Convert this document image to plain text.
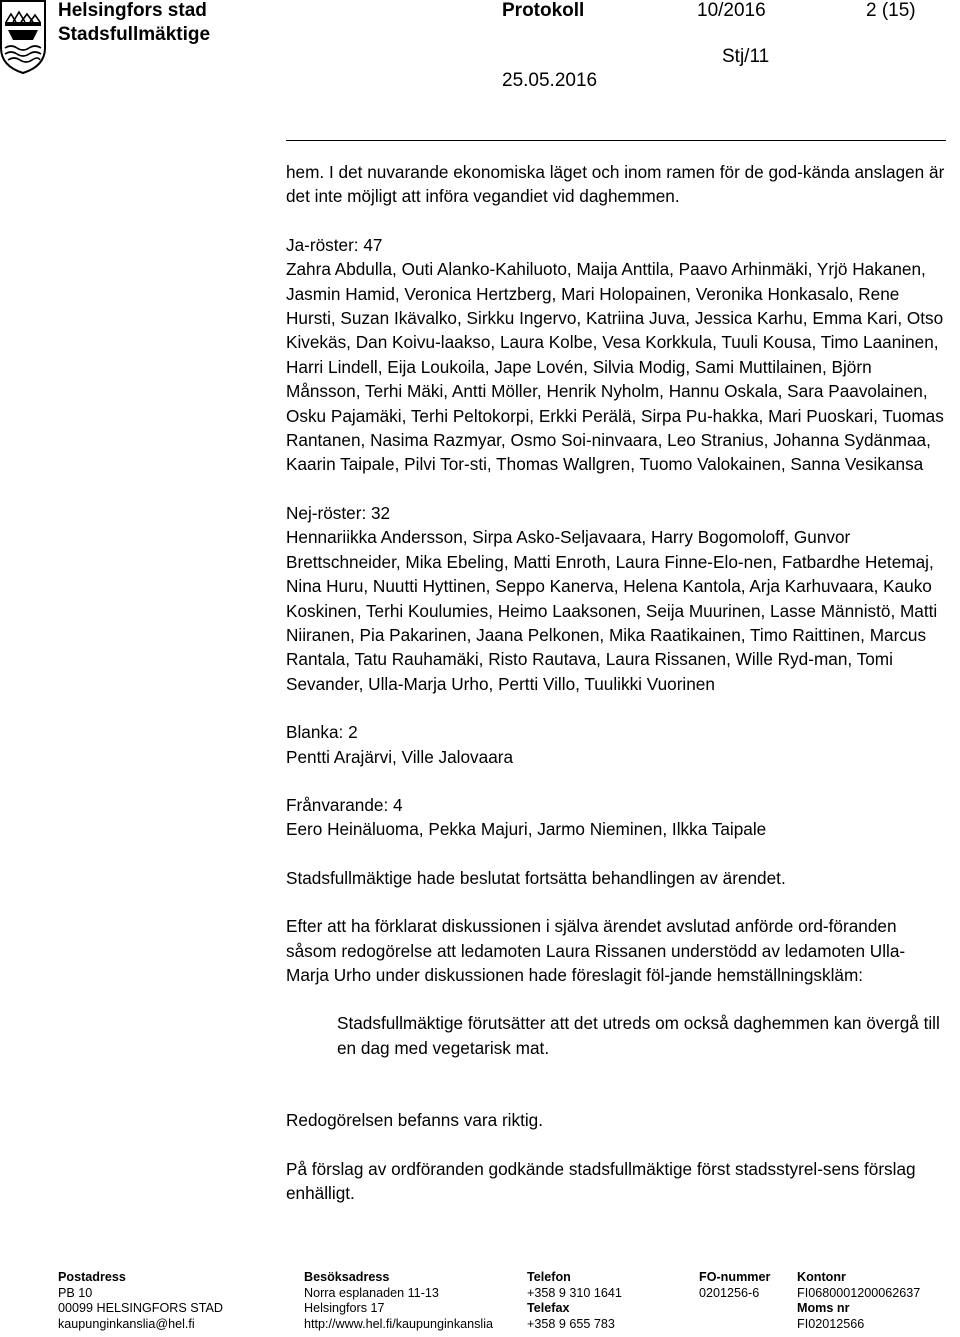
Helsingfors stad
Stadsfullmäktige
Protokoll	10/2016	2 (15)
Stj/11
25.05.2016

hem. I det nuvarande ekonomiska läget och inom ramen för de god-kända anslagen är det inte möjligt att införa vegandiet vid daghemmen.

Ja-röster: 47

Zahra Abdulla, Outi Alanko-Kahiluoto, Maija Anttila, Paavo Arhinmäki, Yrjö Hakanen, Jasmin Hamid, Veronica Hertzberg, Mari Holopainen, Veronika Honkasalo, Rene Hursti, Suzan Ikävalko, Sirkku Ingervo, Katriina Juva, Jessica Karhu, Emma Kari, Otso Kivekäs, Dan Koivu-laakso, Laura Kolbe, Vesa Korkkula, Tuuli Kousa, Timo Laaninen, Harri Lindell, Eija Loukoila, Jape Lovén, Silvia Modig, Sami Muttilainen, Björn Månsson, Terhi Mäki, Antti Möller, Henrik Nyholm, Hannu Oskala, Sara Paavolainen, Osku Pajamäki, Terhi Peltokorpi, Erkki Perälä, Sirpa Pu-hakka, Mari Puoskari, Tuomas Rantanen, Nasima Razmyar, Osmo Soi-ninvaara, Leo Stranius, Johanna Sydänmaa, Kaarin Taipale, Pilvi Tor-sti, Thomas Wallgren, Tuomo Valokainen, Sanna Vesikansa

Nej-röster: 32

Hennariikka Andersson, Sirpa Asko-Seljavaara, Harry Bogomoloff, Gunvor Brettschneider, Mika Ebeling, Matti Enroth, Laura Finne-Elo-nen, Fatbardhe Hetemaj, Nina Huru, Nuutti Hyttinen, Seppo Kanerva, Helena Kantola, Arja Karhuvaara, Kauko Koskinen, Terhi Koulumies, Heimo Laaksonen, Seija Muurinen, Lasse Männistö, Matti Niiranen, Pia Pakarinen, Jaana Pelkonen, Mika Raatikainen, Timo Raittinen, Marcus Rantala, Tatu Rauhamäki, Risto Rautava, Laura Rissanen, Wille Ryd-man, Tomi Sevander, Ulla-Marja Urho, Pertti Villo, Tuulikki Vuorinen

Blanka: 2

Pentti Arajärvi, Ville Jalovaara

Frånvarande: 4

Eero Heinäluoma, Pekka Majuri, Jarmo Nieminen, Ilkka Taipale

Stadsfullmäktige hade beslutat fortsätta behandlingen av ärendet.

Efter att ha förklarat diskussionen i själva ärendet avslutad anförde ord-föranden såsom redogörelse att ledamoten Laura Rissanen understödd av ledamoten Ulla-Marja Urho under diskussionen hade föreslagit föl-jande hemställningskläm:

Stadsfullmäktige förutsätter att det utreds om också daghemmen kan övergå till en dag med vegetarisk mat.

Redogörelsen befanns vara riktig.

På förslag av ordföranden godkände stadsfullmäktige först stadsstyrel-sens förslag enhälligt.

Postadress
PB 10
00099 HELSINGFORS STAD
kaupunginkanslia@hel.fi
Besöksadress
Norra esplanaden 11-13
Helsingfors 17
http://www.hel.fi/kaupunginkanslia
Telefon
+358 9 310 1641
Telefax
+358 9 655 783
FO-nummer
0201256-6
Kontonr
FI0680001200062637
Moms nr
FI02012566
